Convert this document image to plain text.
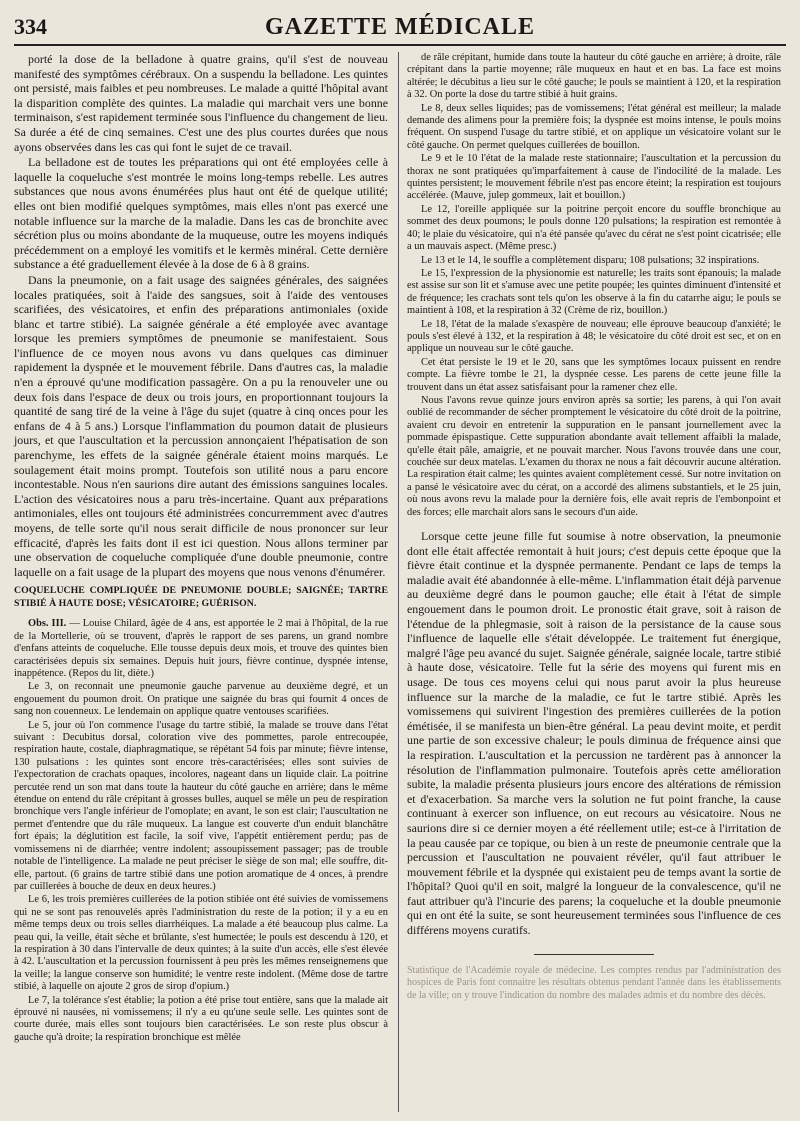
334	GAZETTE MÉDICALE

porté la dose de la belladone à quatre grains, qu'il s'est de nouveau manifesté des symptômes cérébraux. On a suspendu la belladone. Les quintes ont persisté, mais faibles et peu nombreuses. Le malade a quitté l'hôpital avant la disparition complète des quintes. La maladie qui marchait vers une bonne terminaison, s'est rapidement terminée sous l'influence du changement de lieu. Sa durée a été de cinq semaines. C'est une des plus courtes durées que nous ayons observées dans les cas qui font le sujet de ce travail.

La belladone est de toutes les préparations qui ont été employées celle à laquelle la coqueluche s'est montrée le moins long-temps rebelle. Les autres substances que nous avons énumérées plus haut ont été de quelque utilité; elles ont bien modifié quelques symptômes, mais elles n'ont pas exercé une notable influence sur la marche de la maladie. Dans les cas de bronchite avec sécrétion plus ou moins abondante de la muqueuse, outre les moyens indiqués précédemment on a employé les vomitifs et le kermès minéral. Cette dernière substance a été graduellement élevée à la dose de 6 à 8 grains.

Dans la pneumonie, on a fait usage des saignées générales, des saignées locales pratiquées, soit à l'aide des sangsues, soit à l'aide des ventouses scarifiées, des vésicatoires, et enfin des préparations antimoniales (oxide blanc et tartre stibié). La saignée générale a été employée avec avantage lorsque les premiers symptômes de pneumonie se manifestaient. Sous l'influence de ce moyen nous avons vu dans quelques cas diminuer rapidement la dyspnée et le mouvement fébrile. Dans d'autres cas, la maladie n'en a éprouvé qu'une modification passagère. On a pu la renouveler une ou deux fois dans l'espace de deux ou trois jours, en proportionnant toujours la quantité de sang tiré de la veine à l'âge du sujet (quatre à cinq onces pour les enfans de 4 à 5 ans.) Lorsque l'inflammation du poumon datait de plusieurs jours, et que l'auscultation et la percussion annonçaient l'hépatisation de son parenchyme, les effets de la saignée générale étaient moins marqués. Le soulagement était moins prompt. Toutefois son utilité nous a paru encore incontestable. Nous n'en saurions dire autant des émissions sanguines locales. L'action des vésicatoires nous a paru très-incertaine. Quant aux préparations antimoniales, elles ont toujours été administrées concurremment avec d'autres moyens, de telle sorte qu'il nous serait difficile de nous prononcer sur leur efficacité, d'après les faits dont il est ici question. Nous allons terminer par une observation de coqueluche compliquée d'une double pneumonie, contre laquelle on a fait usage de la plupart des moyens que nous venons d'énumérer.

COQUELUCHE COMPLIQUÉE DE PNEUMONIE DOUBLE; SAIGNÉE; TARTRE STIBIÉ À HAUTE DOSE; VÉSICATOIRE; GUÉRISON.

Obs. III. — Louise Chilard, âgée de 4 ans, est apportée le 2 mai à l'hôpital, de la rue de la Mortellerie, où se trouvent, d'après le rapport de ses parens, un grand nombre d'enfans atteints de coqueluche. Elle tousse depuis deux mois, et trouve des quintes bien caractérisées depuis six semaines. Depuis huit jours, fièvre continue, dyspnée intense, inappétence. (Repos du lit, diète.)

Le 3, on reconnait une pneumonie gauche parvenue au deuxième degré, et un engouement du poumon droit. On pratique une saignée du bras qui fournit 4 onces de sang non couenneux. Le lendemain on applique quatre ventouses scarifiées.

Le 5, jour où l'on commence l'usage du tartre stibié, la malade se trouve dans l'état suivant : Decubitus dorsal, coloration vive des pommettes, parole entrecoupée, respiration haute, costale, diaphragmatique, se répétant 54 fois par minute; fièvre intense, 130 pulsations : les quintes sont encore très-caractérisées; elles sont suivies de l'expectoration de crachats opaques, incolores, nageant dans un liquide clair. La poitrine percutée rend un son mat dans toute la hauteur du côté gauche en arrière; dans le même étendue on entend du râle crépitant à grosses bulles, auquel se mêle un peu de respiration bronchique vers l'angle inférieur de l'omoplate; en avant, le son est clair; l'auscultation ne permet d'entendre que du râle muqueux. La langue est couverte d'un enduit blanchâtre fort épais; la déglutition est facile, la soif vive, l'appétit entièrement perdu; pas de vomissemens ni de diarrhée; ventre indolent; assoupissement passager; pas de trouble notable de l'intelligence. La malade ne peut préciser le siège de son mal; elle souffre, dit-elle, partout. (6 grains de tartre stibié dans une potion aromatique de 4 onces, à prendre par cuillerées à bouche de deux en deux heures.)

Le 6, les trois premières cuillerées de la potion stibiée ont été suivies de vomissemens qui ne se sont pas renouvelés après l'administration du reste de la potion; il y a eu en même temps deux ou trois selles diarrhéiques. La malade a été beaucoup plus calme. La peau qui, la veille, était sèche et brûlante, s'est humectée; le pouls est descendu à 120, et la respiration à 30 dans l'intervalle de deux quintes; à la suite d'un accès, elle s'est élevée à 42. L'auscultation et la percussion fournissent à peu près les mêmes renseignemens que la veille; la langue conserve son humidité; le ventre reste indolent. (Même dose de tartre stibié, à laquelle on ajoute 2 gros de sirop d'opium.)

Le 7, la tolérance s'est établie; la potion a été prise tout entière, sans que la malade ait éprouvé ni nausées, ni vomissemens; il n'y a eu qu'une seule selle. Les quintes sont de courte durée, mais elles sont toujours bien caractérisées. Le son reste plus obscur à gauche qu'à droite; la respiration bronchique est mêlée

de râle crépitant, humide dans toute la hauteur du côté gauche en arrière; à droite, râle crépitant dans la partie moyenne; râle muqueux en haut et en bas. La face est moins altérée; le décubitus a lieu sur le côté gauche; le pouls se maintient à 120, et la respiration à 32. On porte la dose du tartre stibié à huit grains.

Le 8, deux selles liquides; pas de vomissemens; l'état général est meilleur; la malade demande des alimens pour la première fois; la dyspnée est moins intense, le pouls moins fréquent. On suspend l'usage du tartre stibié, et on applique un vésicatoire volant sur le côté gauche. On permet quelques cuillerées de bouillon.

Le 9 et le 10 l'état de la malade reste stationnaire; l'auscultation et la percussion du thorax ne sont pratiquées qu'imparfaitement à cause de l'indocilité de la malade. Les quintes persistent; le mouvement fébrile n'est pas encore éteint; la respiration est toujours accélérée. (Mauve, julep gommeux, lait et bouillon.)

Le 12, l'oreille appliquée sur la poitrine perçoit encore du souffle bronchique au sommet des deux poumons; le pouls donne 120 pulsations; la respiration est remontée à 40; le plaie du vésicatoire, qui n'a été pansée qu'avec du cérat ne s'est point cicatrisée; elle a un mauvais aspect. (Même presc.)

Le 13 et le 14, le souffle a complètement disparu; 108 pulsations; 32 inspirations.

Le 15, l'expression de la physionomie est naturelle; les traits sont épanouis; la malade est assise sur son lit et s'amuse avec une petite poupée; les quintes diminuent d'intensité et de fréquence; les crachats sont tels qu'on les observe à la fin du catarrhe aigu; le pouls se maintient à 108, et la respiration à 32 (Crème de riz, bouillon.)

Le 18, l'état de la malade s'exaspère de nouveau; elle éprouve beaucoup d'anxiété; le pouls s'est élevé à 132, et la respiration à 48; le vésicatoire du côté droit est sec, et on en applique un nouveau sur le côté gauche.

Cet état persiste le 19 et le 20, sans que les symptômes locaux puissent en rendre compte. La fièvre tombe le 21, la dyspnée cesse. Les parens de cette jeune fille la trouvent dans un état assez satisfaisant pour la ramener chez elle.

Nous l'avons revue quinze jours environ après sa sortie; les parens, à qui l'on avait oublié de recommander de sécher promptement le vésicatoire du côté droit de la poitrine, avaient cru devoir en entretenir la suppuration en le pansant journellement avec la pommade épispastique. Cette suppuration abondante avait tellement affaibli la malade, qu'elle était pâle, amaigrie, et ne pouvait marcher. Nous l'avons trouvée dans une cour, couchée sur deux matelas. L'examen du thorax ne nous a fait découvrir aucune altération. La respiration était calme; les quintes avaient complètement cessé. Sur notre invitation on a pansé le vésicatoire avec du cérat, on a accordé des alimens substantiels, et le 25 juin, où nous avons revu la malade pour la dernière fois, elle avait repris de l'embonpoint et des forces; elle marchait alors sans le secours d'un aide.

Lorsque cette jeune fille fut soumise à notre observation, la pneumonie dont elle était affectée remontait à huit jours; c'est depuis cette époque que la fièvre était continue et la dyspnée permanente. Pendant ce laps de temps la maladie avait été abandonnée à elle-même. L'inflammation était déjà parvenue au deuxième degré dans le poumon gauche; elle était à l'état de simple engouement dans le poumon droit. Le pronostic était grave, soit à raison de l'étendue de la phlegmasie, soit à raison de la persistance de la cause sous l'influence de laquelle elle s'était développée. Le traitement fut énergique, malgré l'âge peu avancé du sujet. Saignée générale, saignée locale, tartre stibié à haute dose, vésicatoire. Telle fut la série des moyens qui furent mis en usage. De tous ces moyens celui qui nous parut avoir la plus heureuse influence sur la marche de la maladie, ce fut le tartre stibié. Après les vomissemens qui suivirent l'ingestion des premières cuillerées de la potion émétisée, il se manifesta un bien-être général. La peau devint moite, et perdit une partie de son excessive chaleur; le pouls diminua de fréquence ainsi que la respiration. L'auscultation et la percussion ne tardèrent pas à annoncer la résolution de l'inflammation pulmonaire. Toutefois après cette amélioration subite, la maladie présenta plusieurs jours encore des altérations de rémission et d'exacerbation. Sa marche vers la solution ne fut point franche, la cause continuant à exercer son influence, on eut recours au vésicatoire. Nous ne saurions dire si ce dernier moyen a été réellement utile; est-ce à l'irritation de la peau causée par ce topique, ou bien à un reste de pneumonie centrale que la percussion et l'auscultation ne pouvaient révéler, qu'il faut attribuer le mouvement fébrile et la dyspnée qui existaient peu de temps avant la sortie de l'hôpital? Quoi qu'il en soit, malgré la longueur de la convalescence, qu'il ne faut attribuer qu'à l'incurie des parens; la coqueluche et la double pneumonie qui en ont été la suite, se sont heureusement terminées sous l'influence de ces différens moyens curatifs.

Statistique de l'Académie royale de médecine. Les comptes rendus par l'administration des hospices de Paris font connaitre les résultats obtenus pendant l'année dans les établissements de la ville; on y trouve l'indication du nombre des malades admis et du nombre des décès.
